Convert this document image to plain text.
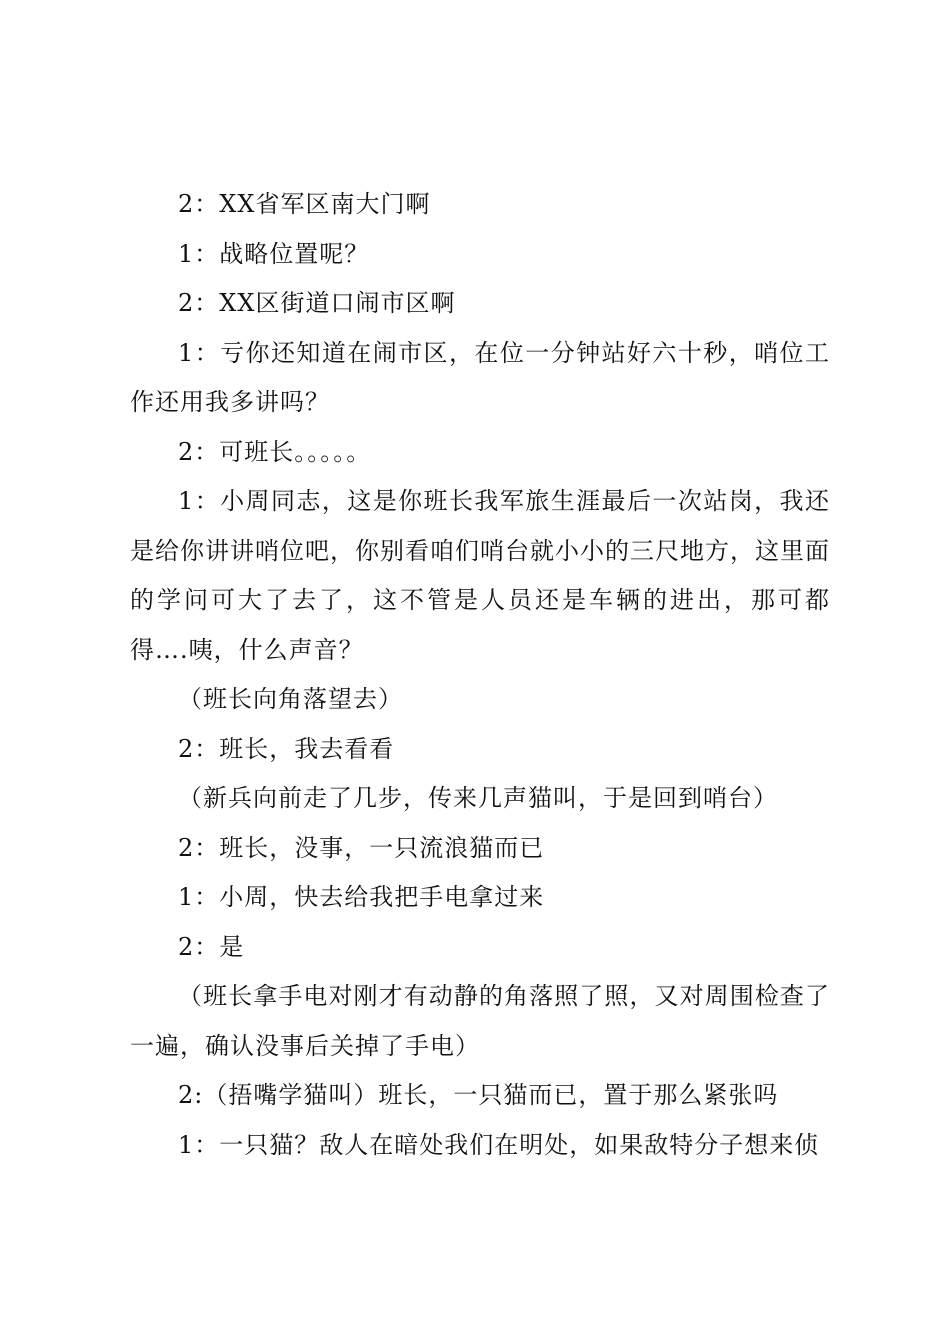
2：XX省军区南大门啊

1：战略位置呢？

2：XX区街道口闹市区啊

1：亏你还知道在闹市区，在位一分钟站好六十秒，哨位工作还用我多讲吗？

2：可班长。。。。。

1：小周同志，这是你班长我军旅生涯最后一次站岗，我还是给你讲讲哨位吧，你别看咱们哨台就小小的三尺地方，这里面的学问可大了去了，这不管是人员还是车辆的进出，那可都得….咦，什么声音？

（班长向角落望去）

2：班长，我去看看

（新兵向前走了几步，传来几声猫叫，于是回到哨台）

2：班长，没事，一只流浪猫而已

1：小周，快去给我把手电拿过来

2：是

（班长拿手电对刚才有动静的角落照了照，又对周围检查了一遍，确认没事后关掉了手电）

2:（捂嘴学猫叫）班长，一只猫而已，置于那么紧张吗

1：一只猫？敌人在暗处我们在明处，如果敌特分子想来侦
